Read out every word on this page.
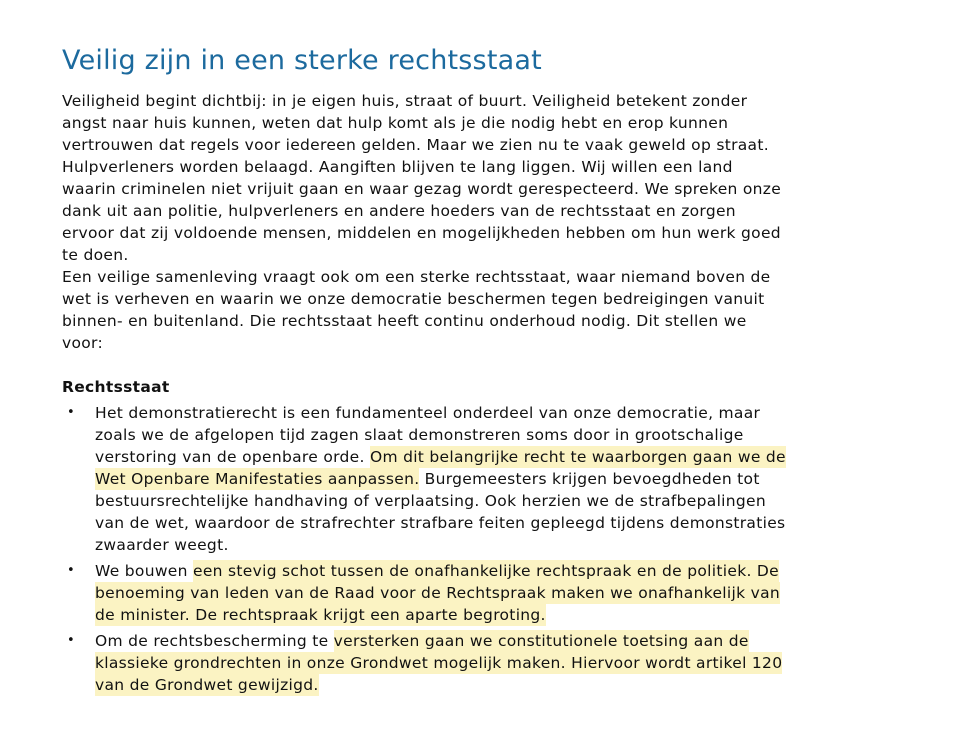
Veilig zijn in een sterke rechtsstaat
Veiligheid begint dichtbij: in je eigen huis, straat of buurt. Veiligheid betekent zonder
angst naar huis kunnen, weten dat hulp komt als je die nodig hebt en erop kunnen
vertrouwen dat regels voor iedereen gelden. Maar we zien nu te vaak geweld op straat.
Hulpverleners worden belaagd. Aangiften blijven te lang liggen. Wij willen een land
waarin criminelen niet vrijuit gaan en waar gezag wordt gerespecteerd. We spreken onze
dank uit aan politie, hulpverleners en andere hoeders van de rechtsstaat en zorgen
ervoor dat zij voldoende mensen, middelen en mogelijkheden hebben om hun werk goed
te doen.
Een veilige samenleving vraagt ook om een sterke rechtsstaat, waar niemand boven de
wet is verheven en waarin we onze democratie beschermen tegen bedreigingen vanuit
binnen- en buitenland. Die rechtsstaat heeft continu onderhoud nodig. Dit stellen we
voor:
Rechtsstaat
•	Het demonstratierecht is een fundamenteel onderdeel van onze democratie, maar
zoals we de afgelopen tijd zagen slaat demonstreren soms door in grootschalige
verstoring van de openbare orde. Om dit belangrijke recht te waarborgen gaan we de
Wet Openbare Manifestaties aanpassen. Burgemeesters krijgen bevoegdheden tot
bestuursrechtelijke handhaving of verplaatsing. Ook herzien we de strafbepalingen
van de wet, waardoor de strafrechter strafbare feiten gepleegd tijdens demonstraties
zwaarder weegt.
•	We bouwen een stevig schot tussen de onafhankelijke rechtspraak en de politiek. De
benoeming van leden van de Raad voor de Rechtspraak maken we onafhankelijk van
de minister. De rechtspraak krijgt een aparte begroting.
•	Om de rechtsbescherming te versterken gaan we constitutionele toetsing aan de
klassieke grondrechten in onze Grondwet mogelijk maken. Hiervoor wordt artikel 120
van de Grondwet gewijzigd.
